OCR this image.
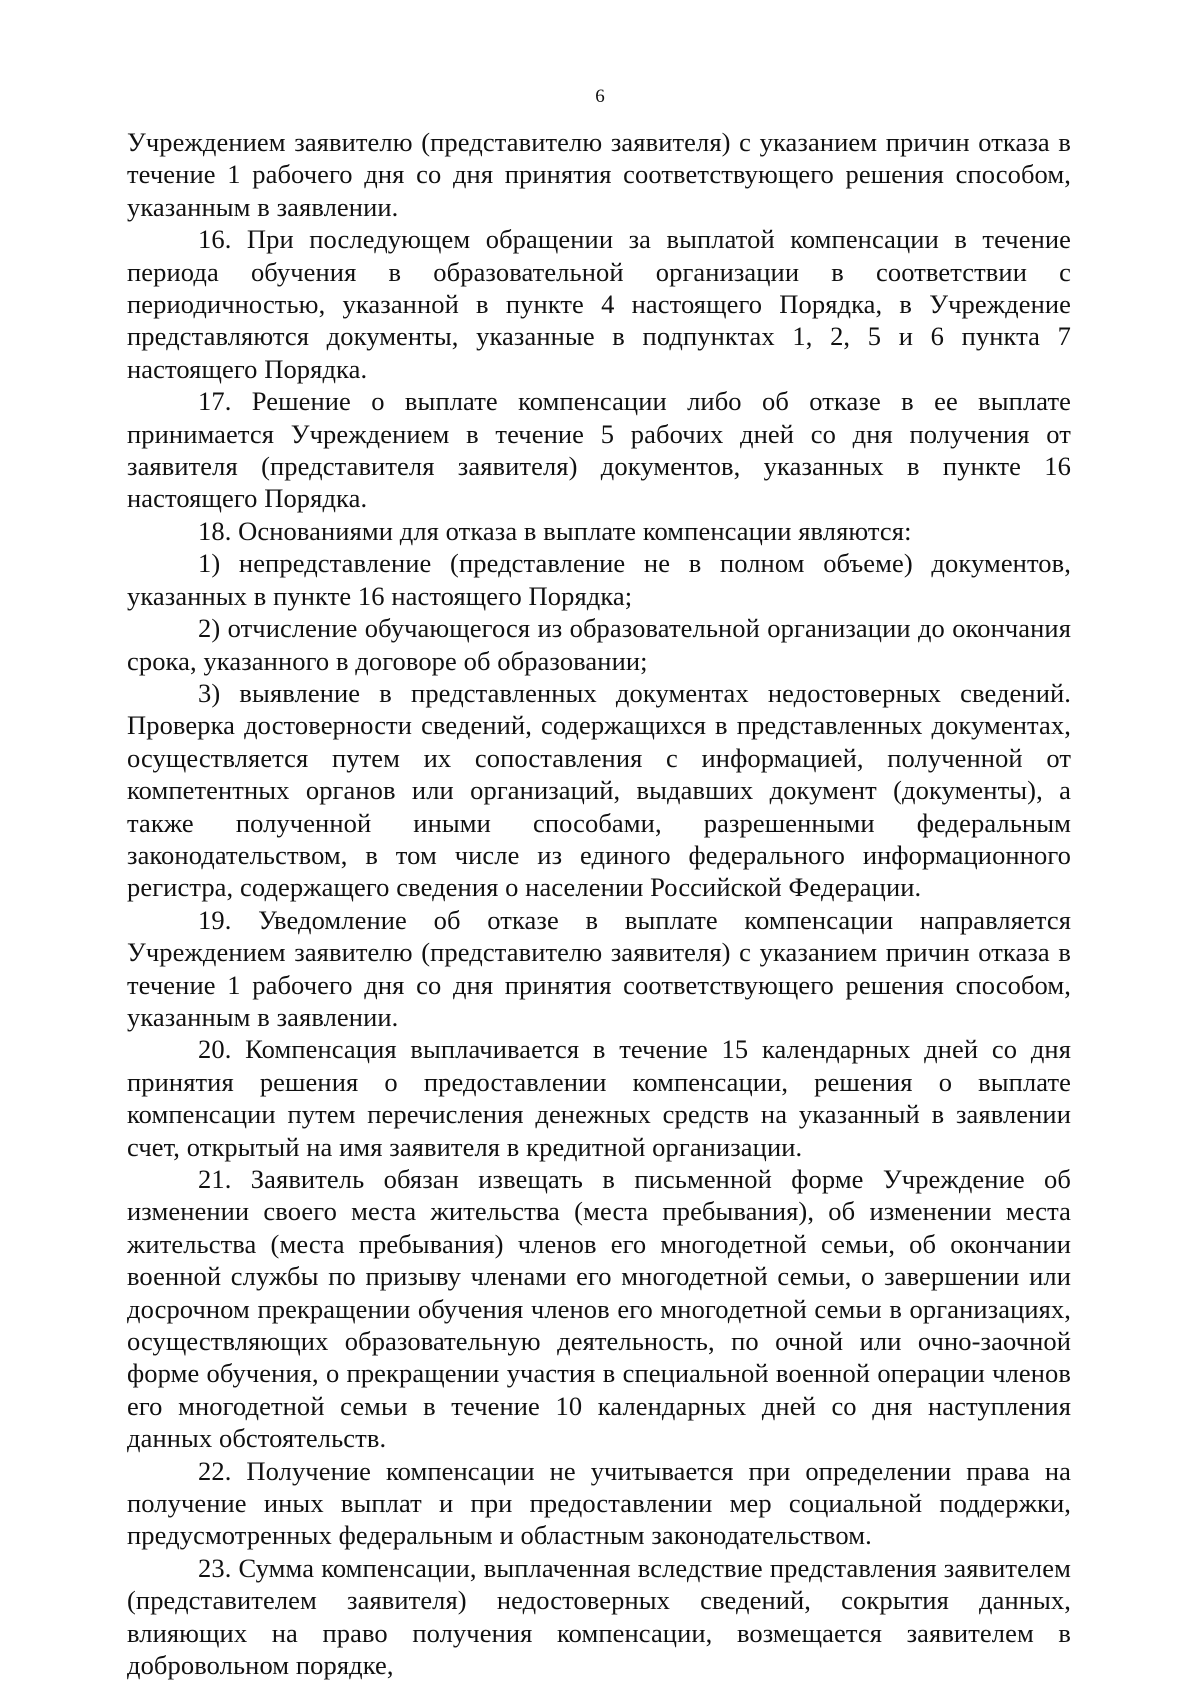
6

Учреждением заявителю (представителю заявителя) с указанием причин отказа в течение 1 рабочего дня со дня принятия соответствующего решения способом, указанным в заявлении.

16. При последующем обращении за выплатой компенсации в течение периода обучения в образовательной организации в соответствии с периодичностью, указанной в пункте 4 настоящего Порядка, в Учреждение представляются документы, указанные в подпунктах 1, 2, 5 и 6 пункта 7 настоящего Порядка.

17. Решение о выплате компенсации либо об отказе в ее выплате принимается Учреждением в течение 5 рабочих дней со дня получения от заявителя (представителя заявителя) документов, указанных в пункте 16 настоящего Порядка.

18. Основаниями для отказа в выплате компенсации являются:

1) непредставление (представление не в полном объеме) документов, указанных в пункте 16 настоящего Порядка;

2) отчисление обучающегося из образовательной организации до окончания срока, указанного в договоре об образовании;

3) выявление в представленных документах недостоверных сведений. Проверка достоверности сведений, содержащихся в представленных документах, осуществляется путем их сопоставления с информацией, полученной от компетентных органов или организаций, выдавших документ (документы), а также полученной иными способами, разрешенными федеральным законодательством, в том числе из единого федерального информационного регистра, содержащего сведения о населении Российской Федерации.

19. Уведомление об отказе в выплате компенсации направляется Учреждением заявителю (представителю заявителя) с указанием причин отказа в течение 1 рабочего дня со дня принятия соответствующего решения способом, указанным в заявлении.

20. Компенсация выплачивается в течение 15 календарных дней со дня принятия решения о предоставлении компенсации, решения о выплате компенсации путем перечисления денежных средств на указанный в заявлении счет, открытый на имя заявителя в кредитной организации.

21. Заявитель обязан извещать в письменной форме Учреждение об изменении своего места жительства (места пребывания), об изменении места жительства (места пребывания) членов его многодетной семьи, об окончании военной службы по призыву членами его многодетной семьи, о завершении или досрочном прекращении обучения членов его многодетной семьи в организациях, осуществляющих образовательную деятельность, по очной или очно-заочной форме обучения, о прекращении участия в специальной военной операции членов его многодетной семьи в течение 10 календарных дней со дня наступления данных обстоятельств.

22. Получение компенсации не учитывается при определении права на получение иных выплат и при предоставлении мер социальной поддержки, предусмотренных федеральным и областным законодательством.

23. Сумма компенсации, выплаченная вследствие представления заявителем (представителем заявителя) недостоверных сведений, сокрытия данных, влияющих на право получения компенсации, возмещается заявителем в добровольном порядке,
